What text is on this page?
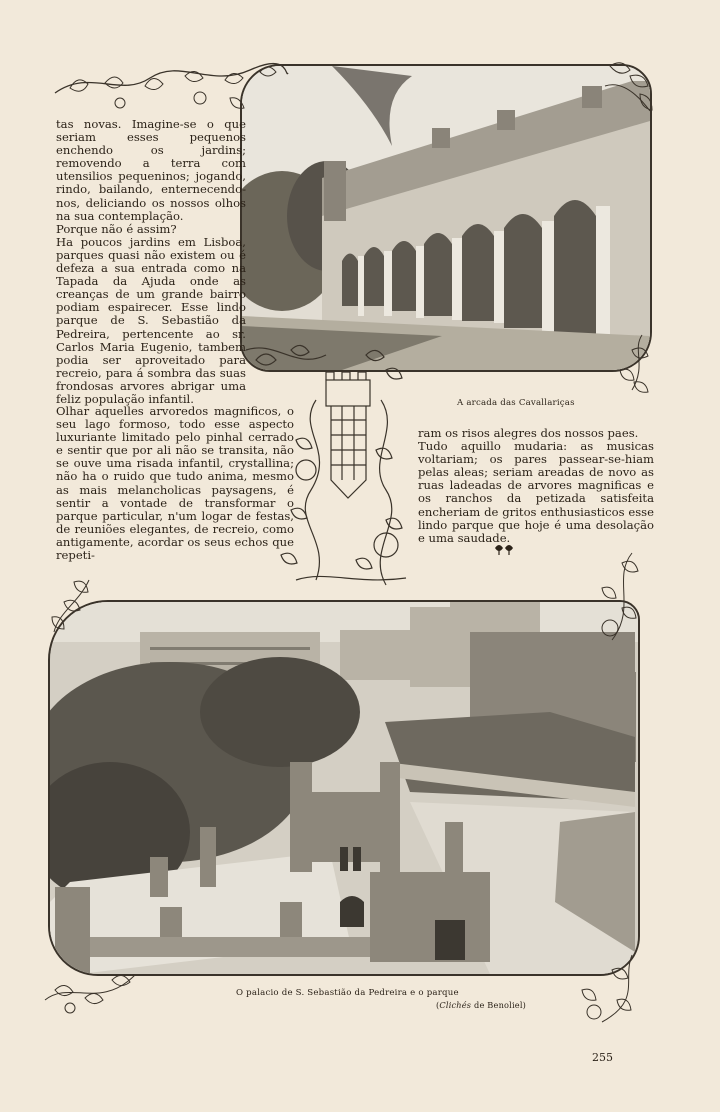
tas novas. Imagine-se o que seriam esses pequenos enchendo os jardins; removendo a terra com utensilios pequeninos; jogando, rindo, bailando, enternecendo-nos, deliciando os nossos olhos na sua contemplação.
Porque não é assim?
Ha poucos jardins em Lisboa, parques quasi não existem ou é defeza a sua entrada como na Tapada da Ajuda onde as creanças de um grande bairro podiam espairecer. Esse lindo parque de S. Sebastião da Pedreira, pertencente ao sr. Carlos Maria Eugenio, tambem podia ser aproveitado para recreio, para á sombra das suas frondosas arvores abrigar uma feliz população infantil.
Olhar aquelles arvoredos magnificos, o seu lago formoso, todo esse aspecto luxuriante limitado pelo pinhal cerrado e sentir que por ali não se transita, não se ouve uma risada infantil, crystallina; não ha o ruido que tudo anima, mesmo as mais melancholicas paysagens, é sentir a vontade de transformar o parque particular, n'um logar de festas, de reuniões elegantes, de recreio, como antigamente, acordar os seus echos que repeti-
ram os risos alegres dos nossos paes.
Tudo aquillo mudaria: as musicas voltariam; os pares passear-se-hiam pelas aleas; seriam areadas de novo as ruas ladeadas de arvores magnificas e os ranchos da petizada satisfeita encheriam de gritos enthusiasticos esse lindo parque que hoje é uma desolação e uma saudade.
A arcada das Cavallariças
O palacio de S. Sebastião da Pedreira e o parque
(Clichés de Benoliel)
255
